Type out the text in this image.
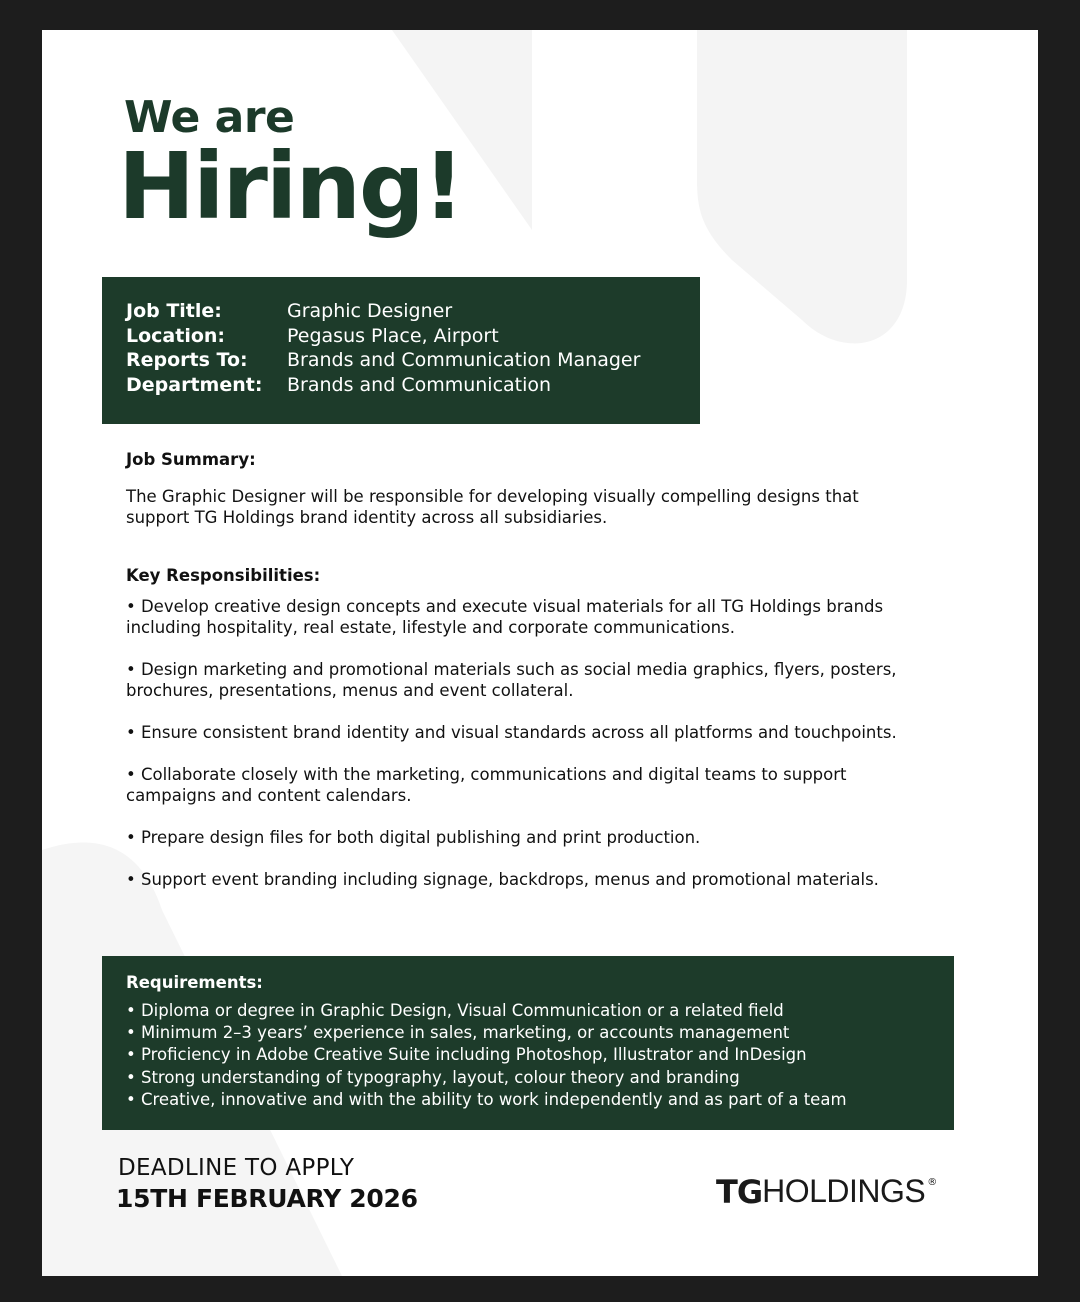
We are
Hiring!
Job Title:	Graphic Designer
Location:	Pegasus Place, Airport
Reports To:	Brands and Communication Manager
Department:	Brands and Communication
Job Summary:
The Graphic Designer will be responsible for developing visually compelling designs that support TG Holdings brand identity across all subsidiaries.
Key Responsibilities:
• Develop creative design concepts and execute visual materials for all TG Holdings brands including hospitality, real estate, lifestyle and corporate communications.
• Design marketing and promotional materials such as social media graphics, flyers, posters, brochures, presentations, menus and event collateral.
• Ensure consistent brand identity and visual standards across all platforms and touchpoints.
• Collaborate closely with the marketing, communications and digital teams to support campaigns and content calendars.
• Prepare design files for both digital publishing and print production.
• Support event branding including signage, backdrops, menus and promotional materials.
Requirements:
• Diploma or degree in Graphic Design, Visual Communication or a related field
• Minimum 2–3 years’ experience in sales, marketing, or accounts management
• Proficiency in Adobe Creative Suite including Photoshop, Illustrator and InDesign
• Strong understanding of typography, layout, colour theory and branding
• Creative, innovative and with the ability to work independently and as part of a team
DEADLINE TO APPLY
15TH FEBRUARY 2026	TG HOLDINGS ®
